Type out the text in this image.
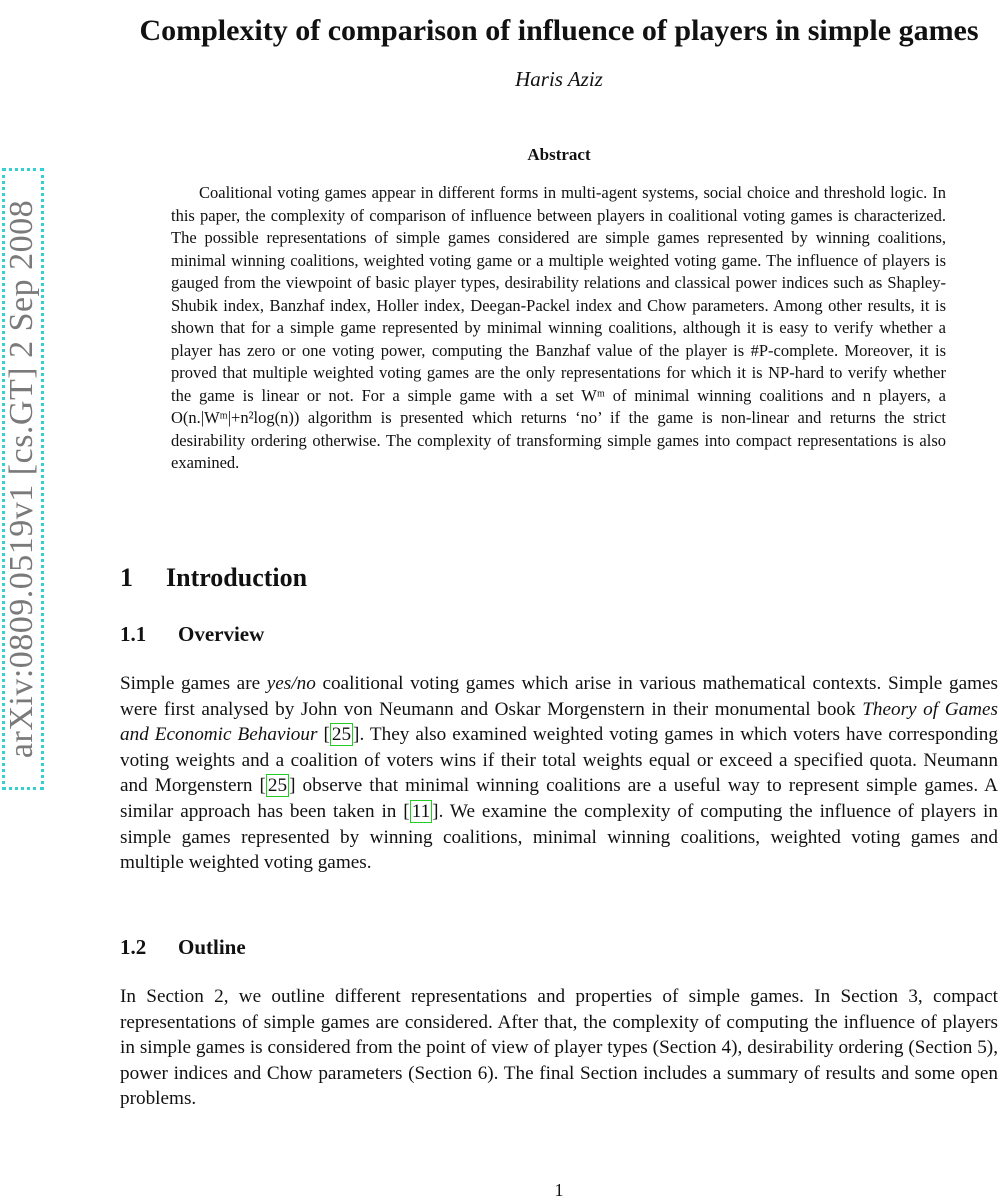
arXiv:0809.0519v1 [cs.GT] 2 Sep 2008
Complexity of comparison of influence of players in simple games
Haris Aziz
Abstract

Coalitional voting games appear in different forms in multi-agent systems, social choice and threshold logic. In this paper, the complexity of comparison of influence between players in coalitional voting games is characterized. The possible representations of simple games considered are simple games represented by winning coalitions, minimal winning coalitions, weighted voting game or a multiple weighted voting game. The influence of players is gauged from the viewpoint of basic player types, desirability relations and classical power indices such as Shapley-Shubik index, Banzhaf index, Holler index, Deegan-Packel index and Chow parameters. Among other results, it is shown that for a simple game represented by minimal winning coalitions, although it is easy to verify whether a player has zero or one voting power, computing the Banzhaf value of the player is #P-complete. Moreover, it is proved that multiple weighted voting games are the only representations for which it is NP-hard to verify whether the game is linear or not. For a simple game with a set Wᵐ of minimal winning coalitions and n players, a O(n.|Wᵐ|+n²log(n)) algorithm is presented which returns ‘no’ if the game is non-linear and returns the strict desirability ordering otherwise. The complexity of transforming simple games into compact representations is also examined.

1 Introduction
1.1 Overview

Simple games are yes/no coalitional voting games which arise in various mathematical contexts. Simple games were first analysed by John von Neumann and Oskar Morgenstern in their monumental book Theory of Games and Economic Behaviour [ 25 ]. They also examined weighted voting games in which voters have corresponding voting weights and a coalition of voters wins if their total weights equal or exceed a specified quota. Neumann and Morgenstern [ 25 ] observe that minimal winning coalitions are a useful way to represent simple games. A similar approach has been taken in [ 11 ]. We examine the complexity of computing the influence of players in simple games represented by winning coalitions, minimal winning coalitions, weighted voting games and multiple weighted voting games.

1.2 Outline

In Section 2, we outline different representations and properties of simple games. In Section 3, compact representations of simple games are considered. After that, the complexity of computing the influence of players in simple games is considered from the point of view of player types (Section 4), desirability ordering (Section 5), power indices and Chow parameters (Section 6). The final Section includes a summary of results and some open problems.

1
